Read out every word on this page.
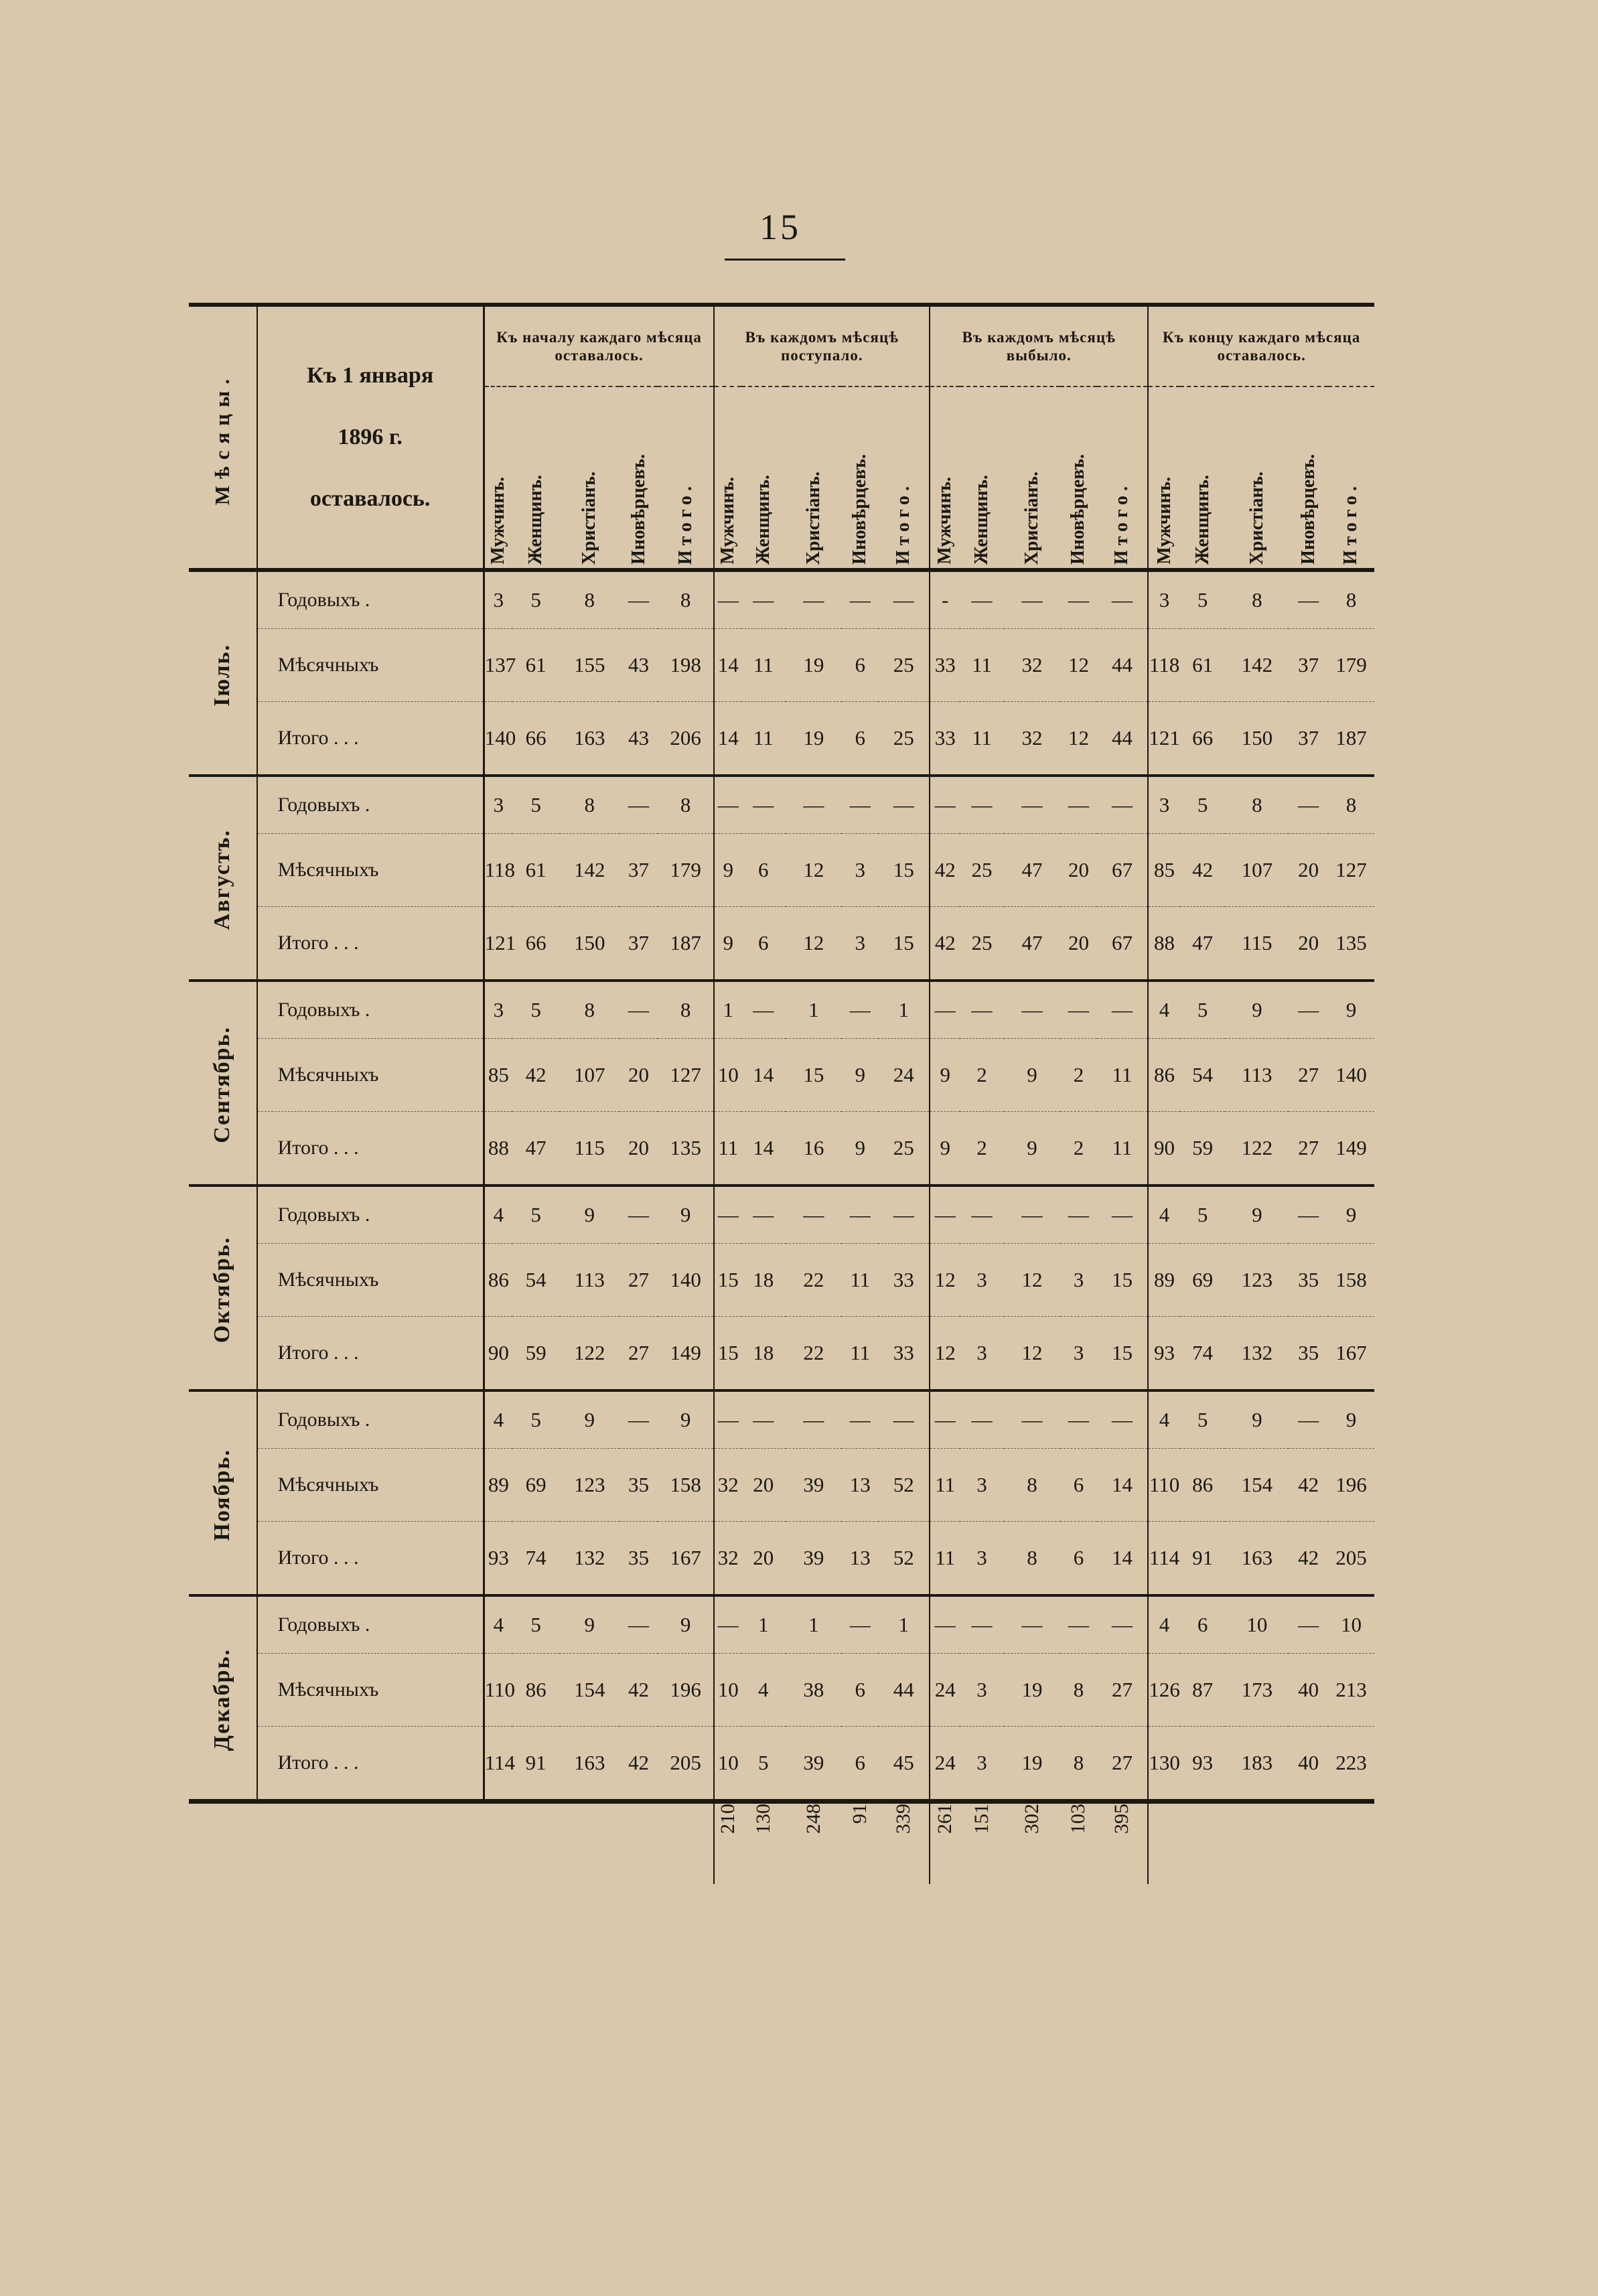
15
Мѣсяцы.	Къ 1 января
1896 г.
оставалось.	Къ началу каждаго мѣсяца оставалось.					Въ каждомъ мѣсяцѣ поступало.					Въ каждомъ мѣсяцѣ выбыло.					Къ концу каждаго мѣсяца оставалось.				
		Мужчинъ.	Женщинъ.	Христіанъ.	Иновѣрцевъ.	Итого.	Мужчинъ.	Женщинъ.	Христіанъ.	Иновѣрцевъ.	Итого.	Мужчинъ.	Женщинъ.	Христіанъ.	Иновѣрцевъ.	Итого.	Мужчинъ.	Женщинъ.	Христіанъ.	Иновѣрцевъ.	Итого.
Іюль.	Годовыхъ .	3	5	8	—	8	—	—	—	—	—	-	—	—	—	—	3	5	8	—	8
	Мѣсячныхъ	137	61	155	43	198	14	11	19	6	25	33	11	32	12	44	118	61	142	37	179
	Итого . . .	140	66	163	43	206	14	11	19	6	25	33	11	32	12	44	121	66	150	37	187
Августъ.	Годовыхъ .	3	5	8	—	8	—	—	—	—	—	—	—	—	—	—	3	5	8	—	8
	Мѣсячныхъ	118	61	142	37	179	9	6	12	3	15	42	25	47	20	67	85	42	107	20	127
	Итого . . .	121	66	150	37	187	9	6	12	3	15	42	25	47	20	67	88	47	115	20	135
Сентябрь.	Годовыхъ .	3	5	8	—	8	1	—	1	—	1	—	—	—	—	—	4	5	9	—	9
	Мѣсячныхъ	85	42	107	20	127	10	14	15	9	24	9	2	9	2	11	86	54	113	27	140
	Итого . . .	88	47	115	20	135	11	14	16	9	25	9	2	9	2	11	90	59	122	27	149
Октябрь.	Годовыхъ .	4	5	9	—	9	—	—	—	—	—	—	—	—	—	—	4	5	9	—	9
	Мѣсячныхъ	86	54	113	27	140	15	18	22	11	33	12	3	12	3	15	89	69	123	35	158
	Итого . . .	90	59	122	27	149	15	18	22	11	33	12	3	12	3	15	93	74	132	35	167
Ноябрь.	Годовыхъ .	4	5	9	—	9	—	—	—	—	—	—	—	—	—	—	4	5	9	—	9
	Мѣсячныхъ	89	69	123	35	158	32	20	39	13	52	11	3	8	6	14	110	86	154	42	196
	Итого . . .	93	74	132	35	167	32	20	39	13	52	11	3	8	6	14	114	91	163	42	205
Декабрь.	Годовыхъ .	4	5	9	—	9	—	1	1	—	1	—	—	—	—	—	4	6	10	—	10
	Мѣсячныхъ	110	86	154	42	196	10	4	38	6	44	24	3	19	8	27	126	87	173	40	213
	Итого . . .	114	91	163	42	205	10	5	39	6	45	24	3	19	8	27	130	93	183	40	223
							210	130	248	91	339	261	151	302	103	395					
